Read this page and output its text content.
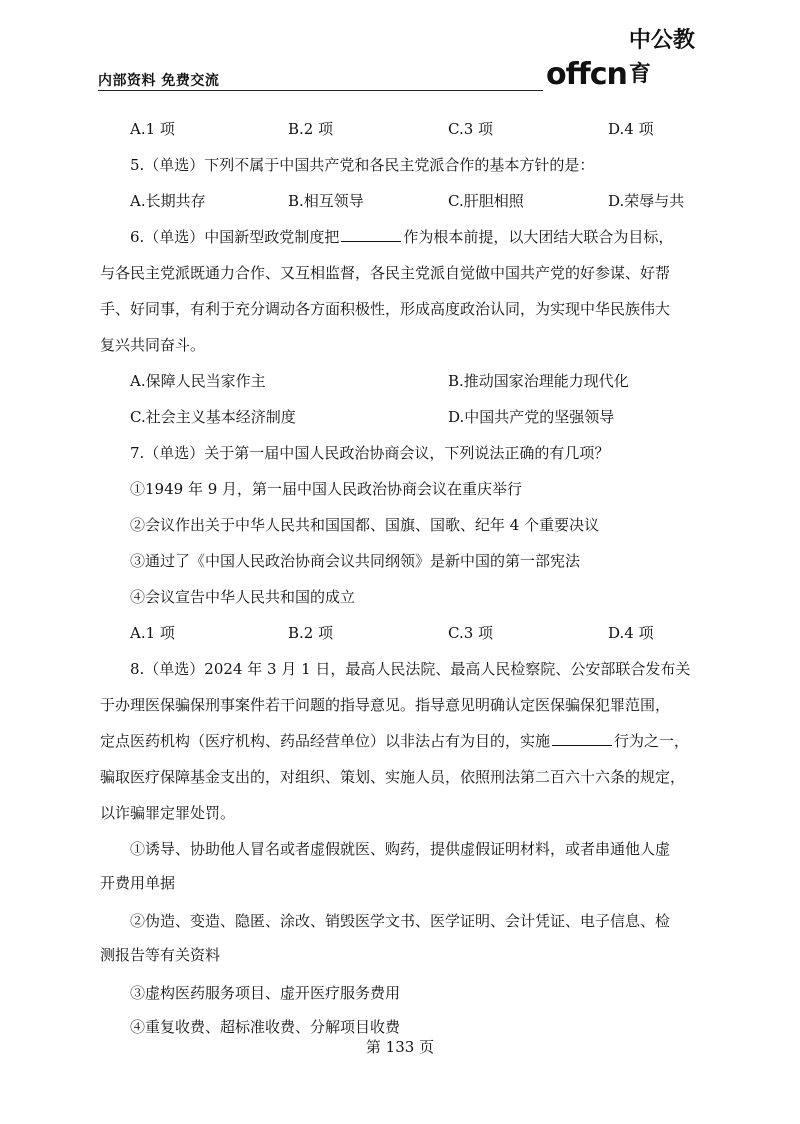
内部资料 免费交流	offcn
中公教育
A.1 项	B.2 项	C.3 项	D.4 项
5.（单选）下列不属于中国共产党和各民主党派合作的基本方针的是：
A.长期共存	B.相互领导	C.肝胆相照	D.荣辱与共
6.（单选）中国新型政党制度把	作为根本前提，以大团结大联合为目标，
与各民主党派既通力合作、又互相监督，各民主党派自觉做中国共产党的好参谋、好帮
手、好同事，有利于充分调动各方面积极性，形成高度政治认同，为实现中华民族伟大
复兴共同奋斗。
A.保障人民当家作主	B.推动国家治理能力现代化
C.社会主义基本经济制度	D.中国共产党的坚强领导
7.（单选）关于第一届中国人民政治协商会议，下列说法正确的有几项？
①1949 年 9 月，第一届中国人民政治协商会议在重庆举行
②会议作出关于中华人民共和国国都、国旗、国歌、纪年 4 个重要决议
③通过了《中国人民政治协商会议共同纲领》是新中国的第一部宪法
④会议宣告中华人民共和国的成立
A.1 项	B.2 项	C.3 项	D.4 项
8.（单选）2024 年 3 月 1 日，最高人民法院、最高人民检察院、公安部联合发布关
于办理医保骗保刑事案件若干问题的指导意见。指导意见明确认定医保骗保犯罪范围，
定点医药机构（医疗机构、药品经营单位）以非法占有为目的，实施	行为之一，
骗取医疗保障基金支出的，对组织、策划、实施人员，依照刑法第二百六十六条的规定，
以诈骗罪定罪处罚。
①诱导、协助他人冒名或者虚假就医、购药，提供虚假证明材料，或者串通他人虚
开费用单据
②伪造、变造、隐匿、涂改、销毁医学文书、医学证明、会计凭证、电子信息、检
测报告等有关资料
③虚构医药服务项目、虚开医疗服务费用
④重复收费、超标准收费、分解项目收费
第 133 页
